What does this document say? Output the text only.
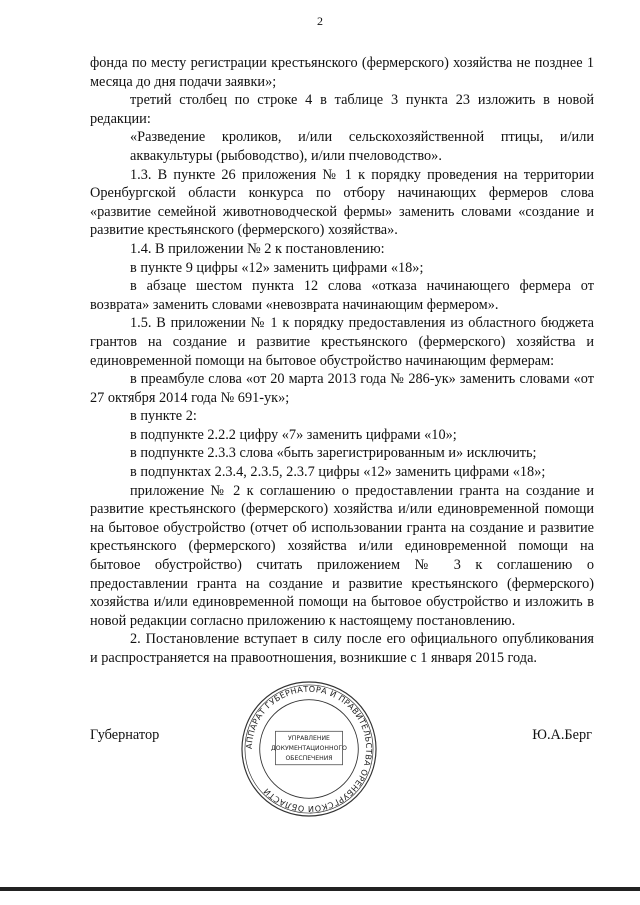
2

фонда по месту регистрации крестьянского (фермерского) хозяйства не позднее 1 месяца до дня подачи заявки»;

третий столбец по строке 4 в таблице 3 пункта 23 изложить в новой редакции:

«Разведение кроликов, и/или сельскохозяйственной птицы, и/или аквакультуры (рыбоводство), и/или пчеловодство».

1.3. В пункте 26 приложения № 1 к порядку проведения на территории Оренбургской области конкурса по отбору начинающих фермеров слова «развитие семейной животноводческой фермы» заменить словами «создание и развитие крестьянского (фермерского) хозяйства».

1.4. В приложении № 2 к постановлению:

в пункте 9 цифры «12» заменить цифрами «18»;

в абзаце шестом пункта 12 слова «отказа начинающего фермера от возврата» заменить словами «невозврата начинающим фермером».

1.5. В приложении № 1 к порядку предоставления из областного бюджета грантов на создание и развитие крестьянского (фермерского) хозяйства и единовременной помощи на бытовое обустройство начинающим фермерам:

в преамбуле слова «от 20 марта 2013 года № 286-ук» заменить словами «от 27 октября 2014 года № 691-ук»;

в пункте 2:

в подпункте 2.2.2 цифру «7» заменить цифрами «10»;

в подпункте 2.3.3 слова «быть зарегистрированным и» исключить;

в подпунктах 2.3.4, 2.3.5, 2.3.7 цифры «12» заменить цифрами «18»;

приложение № 2 к соглашению о предоставлении гранта на создание и развитие крестьянского (фермерского) хозяйства и/или единовременной помощи на бытовое обустройство (отчет об использовании гранта на создание и развитие крестьянского (фермерского) хозяйства и/или единовременной помощи на бытовое обустройство) считать приложением № 3 к соглашению о предоставлении гранта на создание и развитие крестьянского (фермерского) хозяйства и/или единовременной помощи на бытовое обустройство и изложить в новой редакции согласно приложению к настоящему постановлению.

2. Постановление вступает в силу после его официального опубликования и распространяется на правоотношения, возникшие с 1 января 2015 года.

Губернатор	Ю.А.Берг
АППАРАТ ГУБЕРНАТОРА И ПРАВИТЕЛЬСТВА ОРЕНБУРГСКОЙ ОБЛАСТИ
УПРАВЛЕНИЕ
ДОКУМЕНТАЦИОННОГО
ОБЕСПЕЧЕНИЯ
